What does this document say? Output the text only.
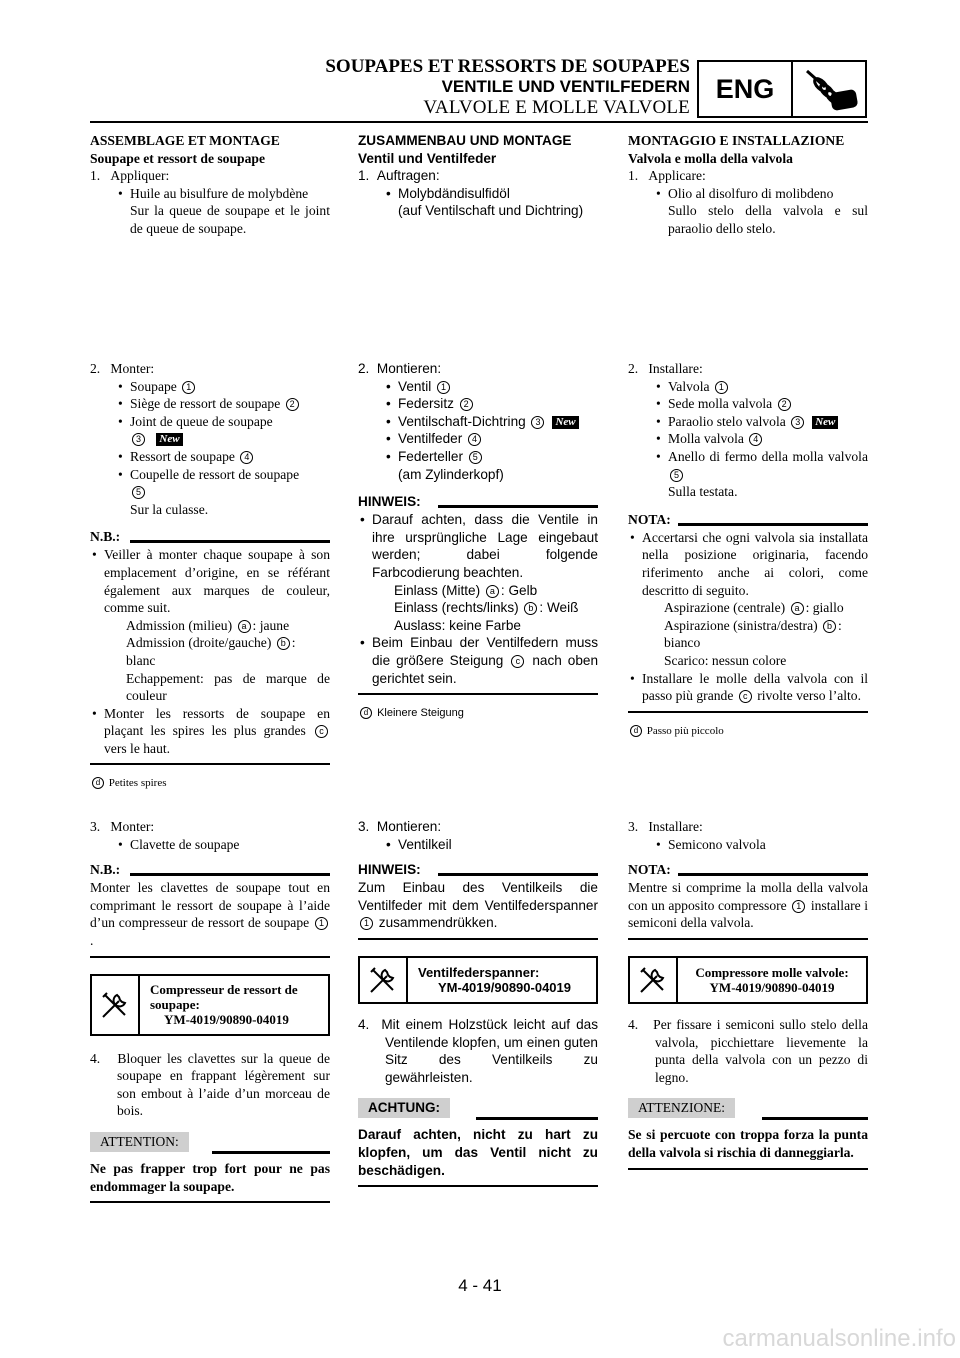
SOUPAPES ET RESSORTS DE SOUPAPES
VENTILE UND VENTILFEDERN
VALVOLE E MOLLE VALVOLE
ENG
ASSEMBLAGE ET MONTAGE
Soupape et ressort de soupape
1. Appliquer:
• Huile au bisulfure de molybdène
Sur la queue de soupape et le joint de queue de soupape.
2. Monter:
• Soupape 1
• Siège de ressort de soupape 2
• Joint de queue de soupape
3 New
• Ressort de soupape 4
• Coupelle de ressort de soupape
5
Sur la culasse.
N.B.:
• Veiller à monter chaque soupape à son emplacement d’origine, en se référant également aux marques de couleur, comme suit.
Admission (milieu) a : jaune
Admission (droite/gauche) b :
blanc
Echappement: pas de marque de couleur
• Monter les ressorts de soupape en plaçant les spires les plus grandes c vers le haut.
d Petites spires
3. Monter:
• Clavette de soupape
N.B.:
Monter les clavettes de soupape tout en comprimant le ressort de soupape à l’aide d’un compresseur de ressort de soupape 1.
Compresseur de ressort de
soupape:
YM-4019/90890-04019
4. Bloquer les clavettes sur la queue de soupape en frappant légèrement sur son embout à l’aide d’un morceau de bois.
ATTENTION:
Ne pas frapper trop fort pour ne pas endommager la soupape.
ZUSAMMENBAU UND MONTAGE
Ventil und Ventilfeder
1. Auftragen:
• Molybdändisulfidöl
(auf Ventilschaft und Dichtring)
2. Montieren:
• Ventil 1
• Federsitz 2
• Ventilschaft-Dichtring 3 New
• Ventilfeder 4
• Federteller 5
(am Zylinderkopf)
HINWEIS:
• Darauf achten, dass die Ventile in ihre ursprüngliche Lage eingebaut werden; dabei folgende Farbcodierung beachten.
Einlass (Mitte) a : Gelb
Einlass (rechts/links) b : Weiß
Auslass: keine Farbe
• Beim Einbau der Ventilfedern muss die größere Steigung c nach oben gerichtet sein.
d Kleinere Steigung
3. Montieren:
• Ventilkeil
HINWEIS:
Zum Einbau des Ventilkeils die Ventilfeder mit dem Ventilfederspanner 1 zusammendrükken.
Ventilfederspanner:
YM-4019/90890-04019
4. Mit einem Holzstück leicht auf das Ventilende klopfen, um einen guten Sitz des Ventilkeils zu gewährleisten.
ACHTUNG:
Darauf achten, nicht zu hart zu klopfen, um das Ventil nicht zu beschädigen.
MONTAGGIO E INSTALLAZIONE
Valvola e molla della valvola
1. Applicare:
• Olio al disolfuro di molibdeno
Sullo stelo della valvola e sul paraolio dello stelo.
2. Installare:
• Valvola 1
• Sede molla valvola 2
• Paraolio stelo valvola 3 New
• Molla valvola 4
• Anello di fermo della molla valvola 5
Sulla testata.
NOTA:
• Accertarsi che ogni valvola sia installata nella posizione originaria, facendo riferimento anche ai colori, come descritto di seguito.
Aspirazione (centrale) a : giallo
Aspirazione (sinistra/destra) b :
bianco
Scarico: nessun colore
• Installare le molle della valvola con il passo più grande c rivolte verso l’alto.
d Passo più piccolo
3. Installare:
• Semicono valvola
NOTA:
Mentre si comprime la molla della valvola con un apposito compressore 1 installare i semiconi della valvola.
Compressore molle valvole:
YM-4019/90890-04019
4. Per fissare i semiconi sullo stelo della valvola, picchiettare lievemente la punta della valvola con un pezzo di legno.
ATTENZIONE:
Se si percuote con troppa forza la punta della valvola si rischia di danneggiarla.
4 - 41
carmanualsonline.info
